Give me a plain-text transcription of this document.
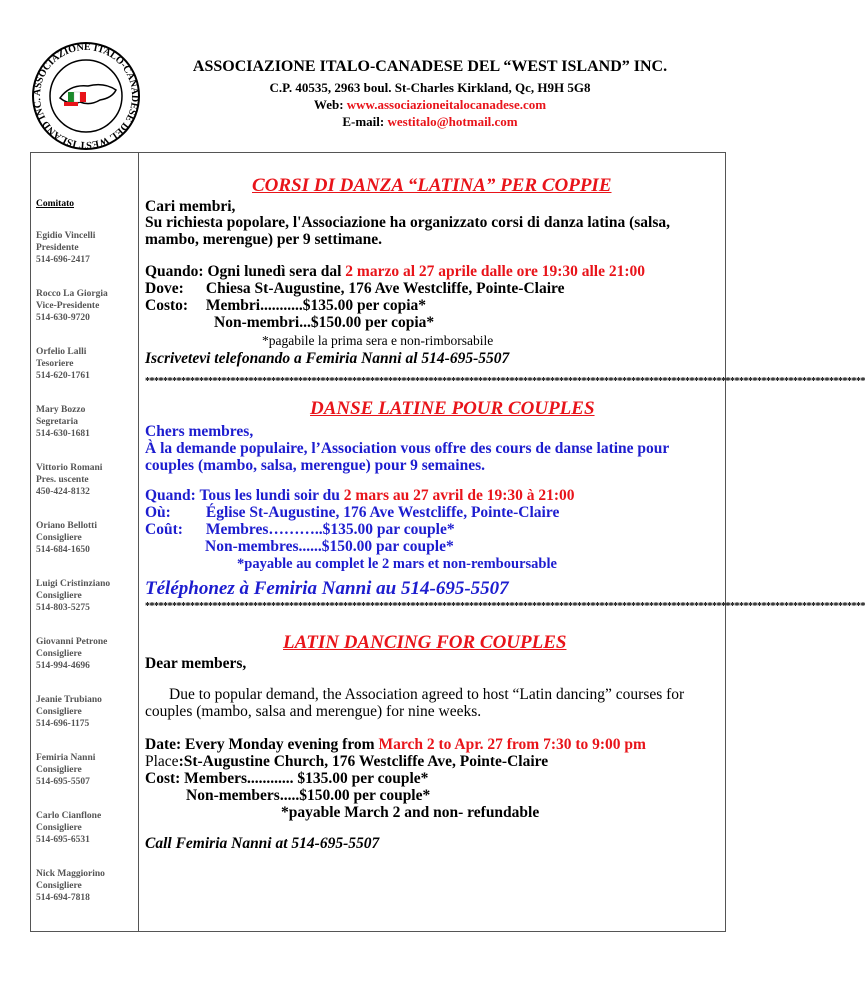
ASSOCIAZIONE ITALO-CANADESE DEL WEST ISLAND INC.
ASSOCIAZIONE ITALO-CANADESE DEL “WEST ISLAND” INC.
C.P. 40535, 2963 boul. St-Charles Kirkland, Qc, H9H 5G8
Web: www.associazioneitalocanadese.com
E-mail: westitalo@hotmail.com
Comitato
Egidio Vincelli
Presidente
514-696-2417
Rocco La Giorgia
Vice-Presidente
514-630-9720
Orfelio Lalli
Tesoriere
514-620-1761
Mary Bozzo
Segretaria
514-630-1681
Vittorio Romani
Pres. uscente
450-424-8132
Oriano Bellotti
Consigliere
514-684-1650
Luigi Cristinziano
Consigliere
514-803-5275
Giovanni Petrone
Consigliere
514-994-4696
Jeanie Trubiano
Consigliere
514-696-1175
Femiria Nanni
Consigliere
514-695-5507
Carlo Cianflone
Consigliere
514-695-6531
Nick Maggiorino
Consigliere
514-694-7818
CORSI DI DANZA “LATINA” PER COPPIE
Cari membri,
Su richiesta popolare, l'Associazione ha organizzato corsi di danza latina (salsa, mambo, merengue) per 9 settimane.
Quando: Ogni lunedì sera dal 2 marzo al 27 aprile dalle ore 19:30 alle 21:00
Dove: Chiesa St-Augustine, 176 Ave Westcliffe, Pointe-Claire
Costo: Membri...........$135.00 per copia*
Non-membri...$150.00 per copia*
*pagabile la prima sera e non-rimborsabile
Iscrivetevi telefonando a Femiria Nanni al 514-695-5507
****************************************************************************************************************************************************************
DANSE LATINE POUR COUPLES
Chers membres,
À la demande populaire, l’Association vous offre des cours de danse latine pour couples (mambo, salsa, merengue) pour 9 semaines.
Quand: Tous les lundi soir du 2 mars au 27 avril de 19:30 à 21:00
Où: Église St-Augustine, 176 Ave Westcliffe, Pointe-Claire
Coût: Membres………..$135.00 par couple*
Non-membres......$150.00 par couple*
*payable au complet le 2 mars et non-remboursable
Téléphonez à Femiria Nanni au 514-695-5507
****************************************************************************************************************************************************************
LATIN DANCING FOR COUPLES
Dear members,
Due to popular demand, the Association agreed to host “Latin dancing” courses for couples (mambo, salsa and merengue) for nine weeks.
Date: Every Monday evening from March 2 to Apr. 27 from 7:30 to 9:00 pm
Place:St-Augustine Church, 176 Westcliffe Ave, Pointe-Claire
Cost: Members............ $135.00 per couple*
Non-members.....$150.00 per couple*
*payable March 2 and non- refundable
Call Femiria Nanni at 514-695-5507
